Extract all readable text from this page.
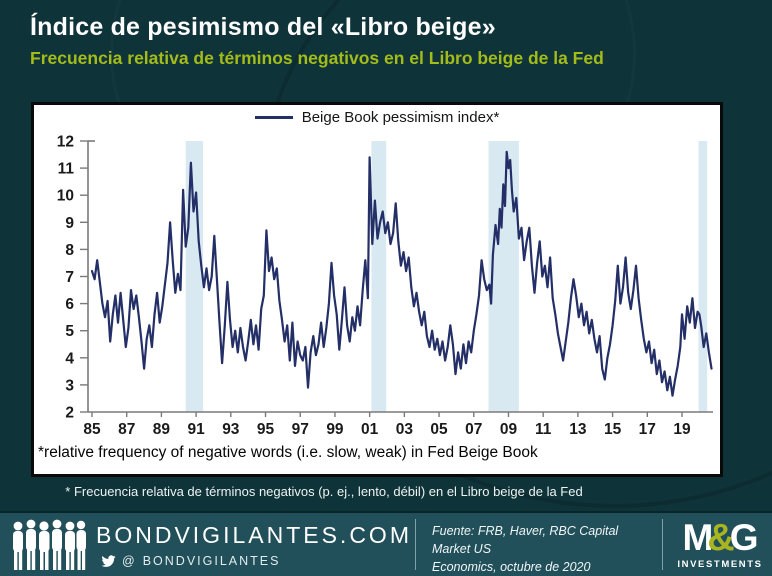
Índice de pesimismo del «Libro beige»
Frecuencia relativa de términos negativos en el Libro beige de la Fed
Beige Book pessimism index*
2
3
4
5
6
7
8
9
10
11
12
85 87 89 91 93 95 97 99 01 03 05 07 09 11 13 15 17 19
*relative frequency of negative words (i.e. slow, weak) in Fed Beige Book
* Frecuencia relativa de términos negativos (p. ej., lento, débil) en el Libro beige de la Fed
BONDVIGILANTES.COM
@ BONDVIGILANTES
Fuente: FRB, Haver, RBC Capital Market US
Economics, octubre de 2020
M&G
INVESTMENTS
